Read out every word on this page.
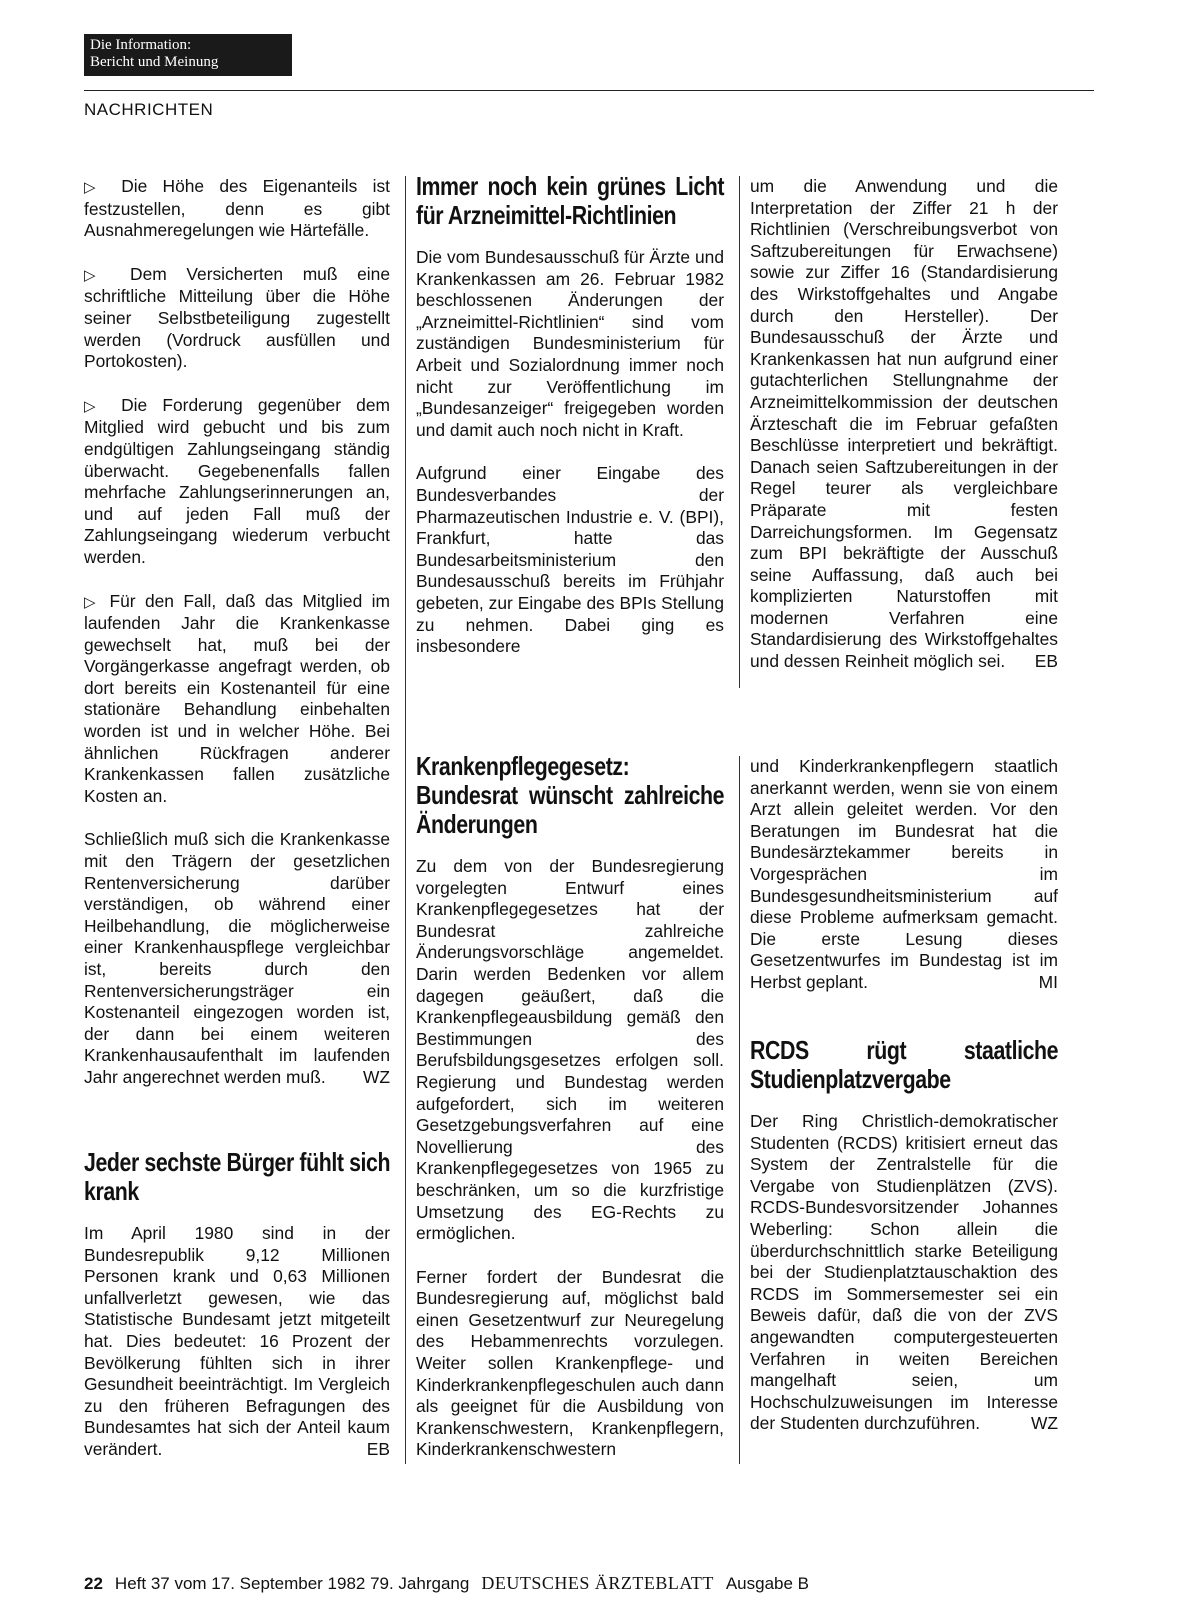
Die Information:
Bericht und Meinung
NACHRICHTEN

▷ Die Höhe des Eigenanteils ist festzustellen, denn es gibt Ausnahmeregelungen wie Härtefälle.

▷ Dem Versicherten muß eine schriftliche Mitteilung über die Höhe seiner Selbstbeteiligung zugestellt werden (Vordruck ausfüllen und Portokosten).

▷ Die Forderung gegenüber dem Mitglied wird gebucht und bis zum endgültigen Zahlungseingang ständig überwacht. Gegebenenfalls fallen mehrfache Zahlungserinnerungen an, und auf jeden Fall muß der Zahlungseingang wiederum verbucht werden.

▷ Für den Fall, daß das Mitglied im laufenden Jahr die Krankenkasse gewechselt hat, muß bei der Vorgängerkasse angefragt werden, ob dort bereits ein Kostenanteil für eine stationäre Behandlung einbehalten worden ist und in welcher Höhe. Bei ähnlichen Rückfragen anderer Krankenkassen fallen zusätzliche Kosten an.

Schließlich muß sich die Krankenkasse mit den Trägern der gesetzlichen Rentenversicherung darüber verständigen, ob während einer Heilbehandlung, die möglicherweise einer Krankenhauspflege vergleichbar ist, bereits durch den Rentenversicherungsträger ein Kostenanteil eingezogen worden ist, der dann bei einem weiteren Krankenhausaufenthalt im laufenden Jahr angerechnet werden muß. WZ

Jeder sechste Bürger fühlt sich krank

Im April 1980 sind in der Bundesrepublik 9,12 Millionen Personen krank und 0,63 Millionen unfallverletzt gewesen, wie das Statistische Bundesamt jetzt mitgeteilt hat. Dies bedeutet: 16 Prozent der Bevölkerung fühlten sich in ihrer Gesundheit beeinträchtigt. Im Vergleich zu den früheren Befragungen des Bundesamtes hat sich der Anteil kaum verändert.	EB

Immer noch kein grünes Licht für Arzneimittel-Richtlinien

Die vom Bundesausschuß für Ärzte und Krankenkassen am 26. Februar 1982 beschlossenen Änderungen der „Arzneimittel-Richtlinien“ sind vom zuständigen Bundesministerium für Arbeit und Sozialordnung immer noch nicht zur Veröffentlichung im „Bundesanzeiger“ freigegeben worden und damit auch noch nicht in Kraft.

Aufgrund einer Eingabe des Bundesverbandes der Pharmazeutischen Industrie e. V. (BPI), Frankfurt, hatte das Bundesarbeitsministerium den Bundesausschuß bereits im Frühjahr gebeten, zur Eingabe des BPIs Stellung zu nehmen. Dabei ging es insbesondere

um die Anwendung und die Interpretation der Ziffer 21 h der Richtlinien (Verschreibungsverbot von Saftzubereitungen für Erwachsene) sowie zur Ziffer 16 (Standardisierung des Wirkstoffgehaltes und Angabe durch den Hersteller). Der Bundesausschuß der Ärzte und Krankenkassen hat nun aufgrund einer gutachterlichen Stellungnahme der Arzneimittelkommission der deutschen Ärzteschaft die im Februar gefaßten Beschlüsse interpretiert und bekräftigt. Danach seien Saftzubereitungen in der Regel teurer als vergleichbare Präparate mit festen Darreichungsformen. Im Gegensatz zum BPI bekräftigte der Ausschuß seine Auffassung, daß auch bei komplizierten Naturstoffen mit modernen Verfahren eine Standardisierung des Wirkstoffgehaltes und dessen Reinheit möglich sei. EB

Krankenpflegegesetz: Bundesrat wünscht zahlreiche Änderungen

Zu dem von der Bundesregierung vorgelegten Entwurf eines Krankenpflegegesetzes hat der Bundesrat zahlreiche Änderungsvorschläge angemeldet. Darin werden Bedenken vor allem dagegen geäußert, daß die Krankenpflegeausbildung gemäß den Bestimmungen des Berufsbildungsgesetzes erfolgen soll. Regierung und Bundestag werden aufgefordert, sich im weiteren Gesetzgebungsverfahren auf eine Novellierung des Krankenpflegegesetzes von 1965 zu beschränken, um so die kurzfristige Umsetzung des EG-Rechts zu ermöglichen.

Ferner fordert der Bundesrat die Bundesregierung auf, möglichst bald einen Gesetzentwurf zur Neuregelung des Hebammenrechts vorzulegen. Weiter sollen Krankenpflege- und Kinderkrankenpflegeschulen auch dann als geeignet für die Ausbildung von Krankenschwestern, Krankenpflegern, Kinderkrankenschwestern

und Kinderkrankenpflegern staatlich anerkannt werden, wenn sie von einem Arzt allein geleitet werden. Vor den Beratungen im Bundesrat hat die Bundesärztekammer bereits in Vorgesprächen im Bundesgesundheitsministerium auf diese Probleme aufmerksam gemacht. Die erste Lesung dieses Gesetzentwurfes im Bundestag ist im Herbst geplant.	MI

RCDS rügt staatliche Studienplatzvergabe

Der Ring Christlich-demokratischer Studenten (RCDS) kritisiert erneut das System der Zentralstelle für die Vergabe von Studienplätzen (ZVS). RCDS-Bundesvorsitzender Johannes Weberling: Schon allein die überdurchschnittlich starke Beteiligung bei der Studienplatztauschaktion des RCDS im Sommersemester sei ein Beweis dafür, daß die von der ZVS angewandten computergesteuerten Verfahren in weiten Bereichen mangelhaft seien, um Hochschulzuweisungen im Interesse der Studenten durchzuführen.	WZ

22 Heft 37 vom 17. September 1982 79. Jahrgang DEUTSCHES ÄRZTEBLATT Ausgabe B
